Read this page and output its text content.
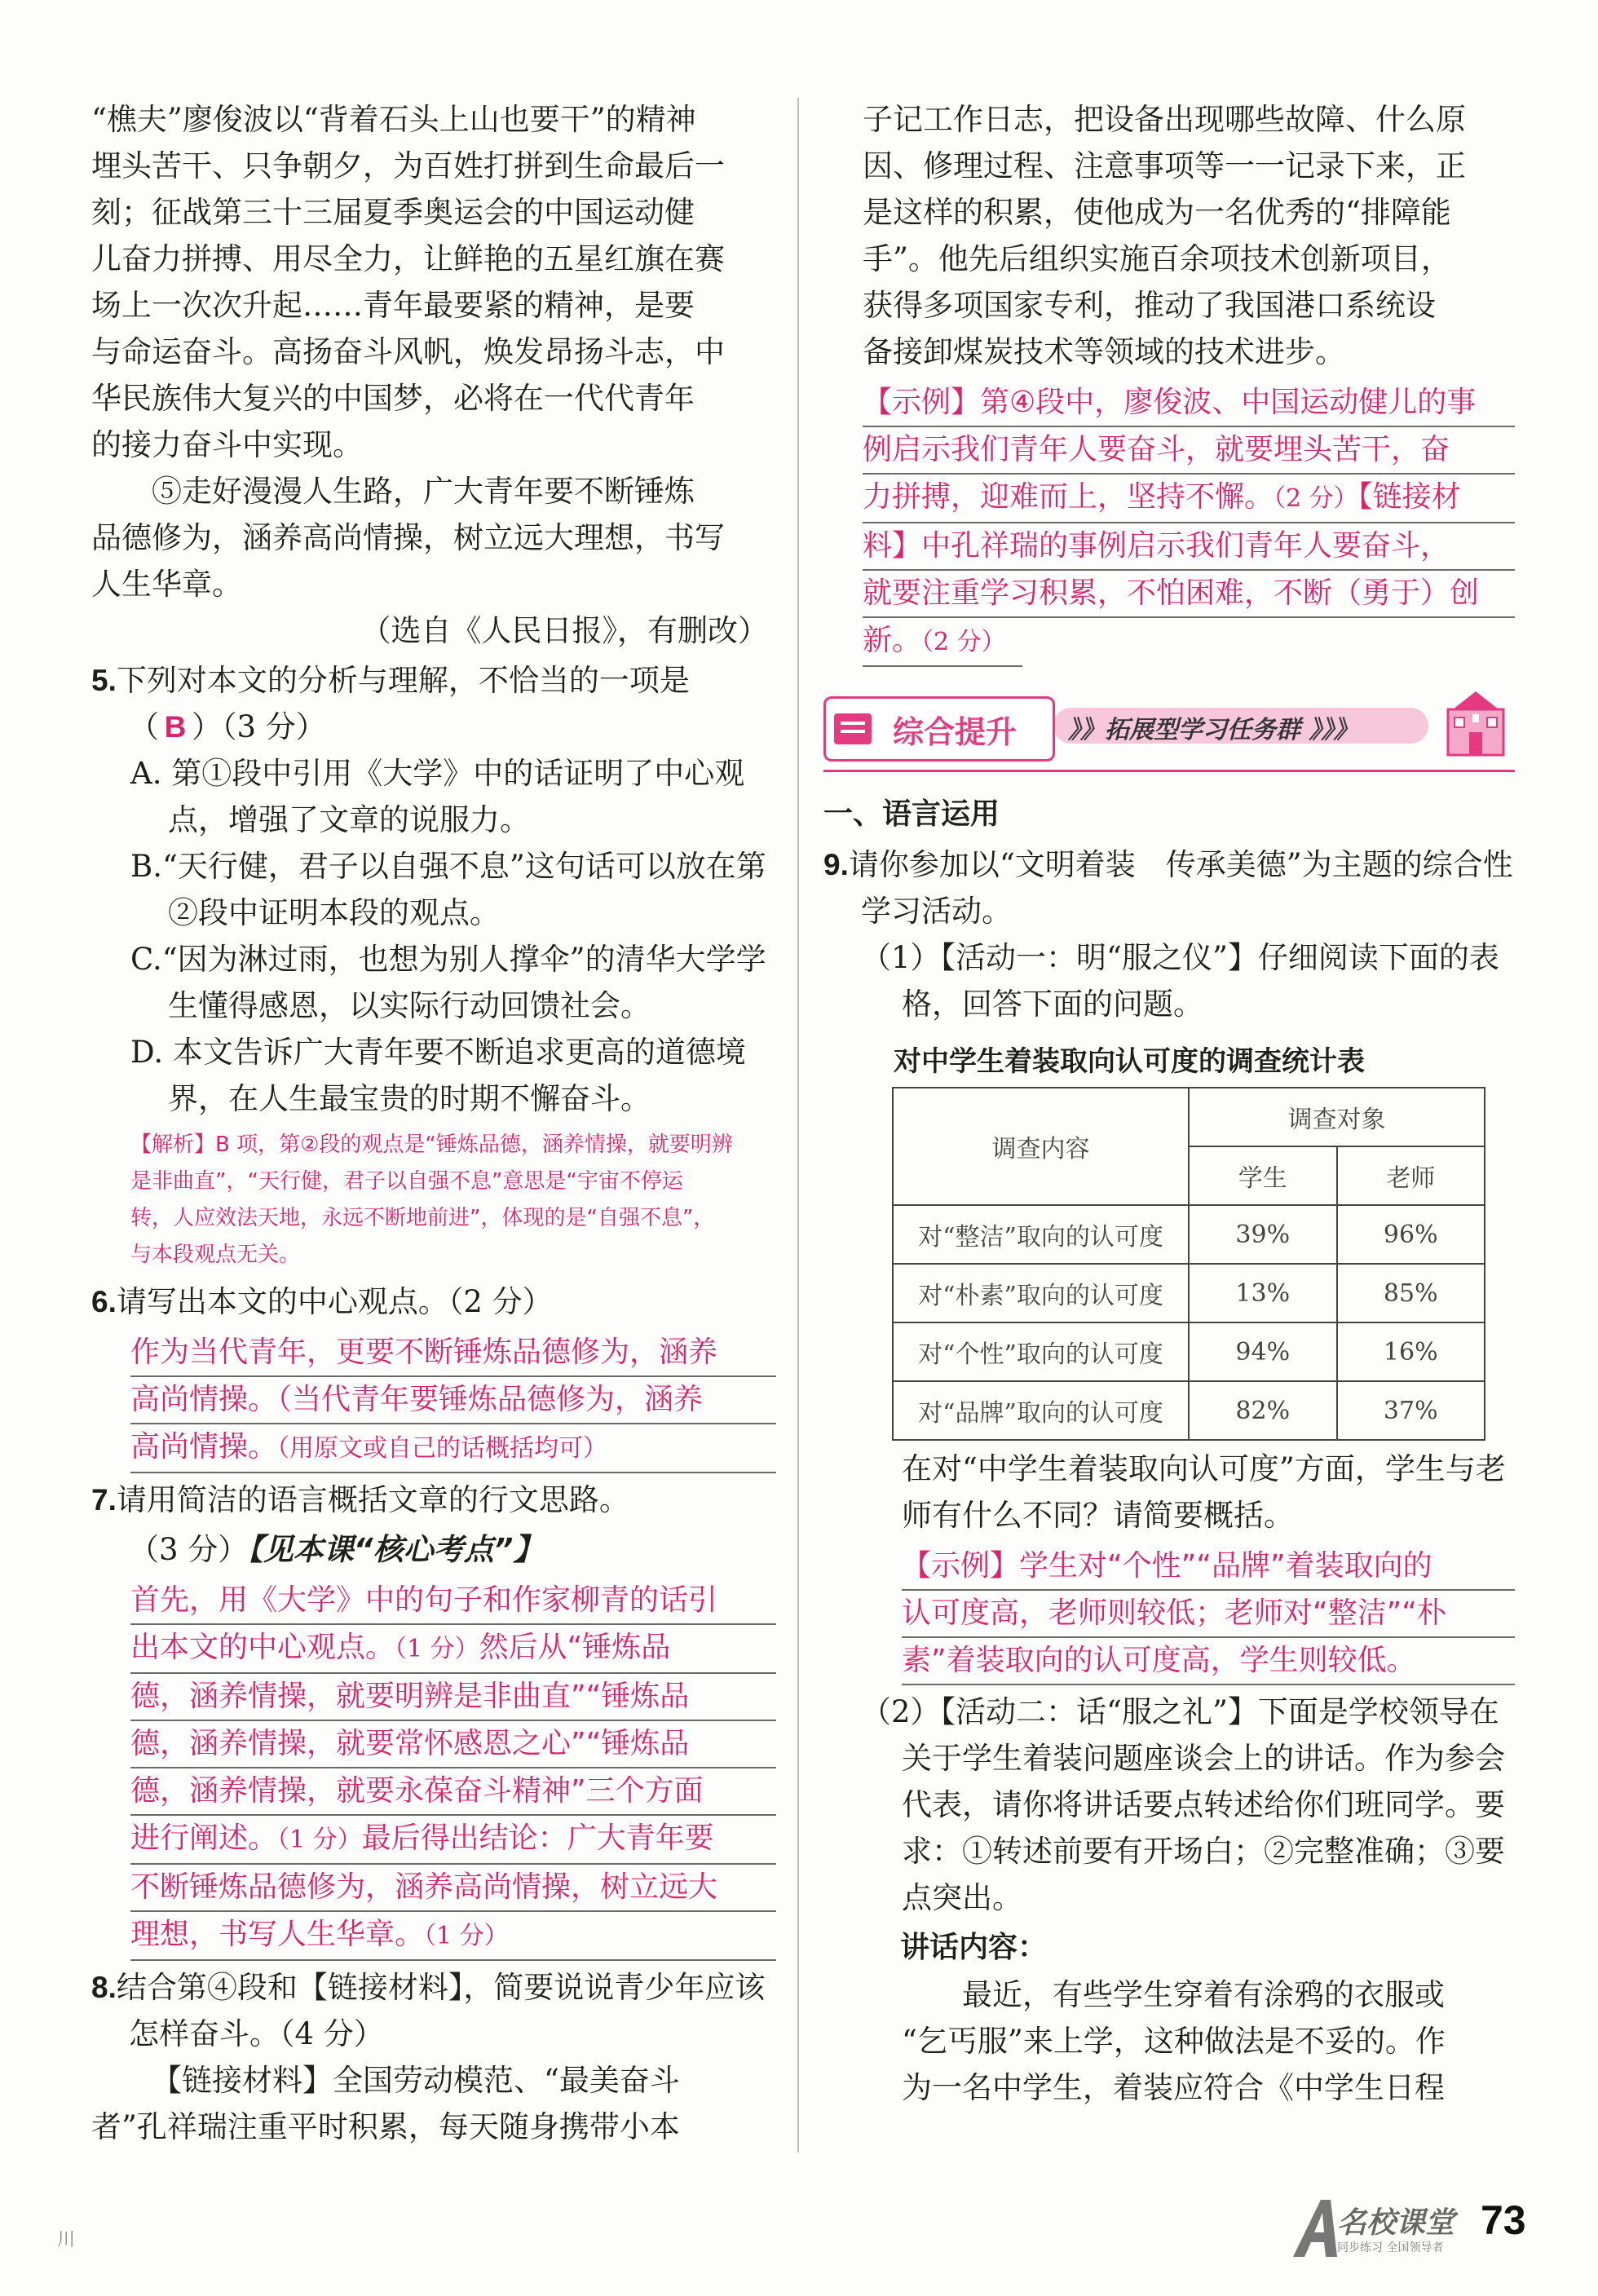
“樵夫”廖俊波以“背着石头上山也要干”的精神

埋头苦干、只争朝夕，为百姓打拼到生命最后一

刻；征战第三十三届夏季奥运会的中国运动健

儿奋力拼搏、用尽全力，让鲜艳的五星红旗在赛

场上一次次升起……青年最要紧的精神，是要

与命运奋斗。高扬奋斗风帆，焕发昂扬斗志，中

华民族伟大复兴的中国梦，必将在一代代青年

的接力奋斗中实现。

⑤走好漫漫人生路，广大青年要不断锤炼

品德修为，涵养高尚情操，树立远大理想，书写

人生华章。

（选自《人民日报》，有删改）

5.下列对本文的分析与理解，不恰当的一项是

（ B ）（3 分）

A. 第①段中引用《大学》中的话证明了中心观点，增强了文章的说服力。

B.“天行健，君子以自强不息”这句话可以放在第②段中证明本段的观点。

C.“因为淋过雨，也想为别人撑伞”的清华大学学生懂得感恩，以实际行动回馈社会。

D. 本文告诉广大青年要不断追求更高的道德境界，在人生最宝贵的时期不懈奋斗。

【解析】B 项，第②段的观点是“锤炼品德，涵养情操，就要明辨
是非曲直”，“天行健，君子以自强不息”意思是“宇宙不停运
转，人应效法天地，永远不断地前进”，体现的是“自强不息”，
与本段观点无关。

6.请写出本文的中心观点。（2 分）

作为当代青年，更要不断锤炼品德修为，涵养
高尚情操。（当代青年要锤炼品德修为，涵养
高尚情操。（用原文或自己的话概括均可）

7.请用简洁的语言概括文章的行文思路。

（3 分）【见本课“核心考点”】

首先，用《大学》中的句子和作家柳青的话引
出本文的中心观点。（1 分）然后从“锤炼品
德，涵养情操，就要明辨是非曲直”“锤炼品
德，涵养情操，就要常怀感恩之心”“锤炼品
德，涵养情操，就要永葆奋斗精神”三个方面
进行阐述。（1 分）最后得出结论：广大青年要
不断锤炼品德修为，涵养高尚情操，树立远大
理想，书写人生华章。（1 分）

8.结合第④段和【链接材料】，简要说说青少年应该怎样奋斗。（4 分）

【链接材料】全国劳动模范、“最美奋斗

者”孔祥瑞注重平时积累，每天随身携带小本

子记工作日志，把设备出现哪些故障、什么原

因、修理过程、注意事项等一一记录下来，正

是这样的积累，使他成为一名优秀的“排障能

手”。他先后组织实施百余项技术创新项目，

获得多项国家专利，推动了我国港口系统设

备接卸煤炭技术等领域的技术进步。

【示例】第④段中，廖俊波、中国运动健儿的事
例启示我们青年人要奋斗，就要埋头苦干，奋
力拼搏，迎难而上，坚持不懈。（2 分）【链接材
料】中孔祥瑞的事例启示我们青年人要奋斗，
就要注重学习积累，不怕困难，不断（勇于）创
新。（2 分）
综合提升 》》拓展型学习任务群 》》》

一、语言运用

9.请你参加以“文明着装　传承美德”为主题的综合性学习活动。

（1）【活动一：明“服之仪”】仔细阅读下面的表格，回答下面的问题。

对中学生着装取向认可度的调查统计表
调查内容	调查对象	
	学生	老师
对“整洁”取向的认可度	39%	96%
对“朴素”取向的认可度	13%	85%
对“个性”取向的认可度	94%	16%
对“品牌”取向的认可度	82%	37%

在对“中学生着装取向认可度”方面，学生与老师有什么不同？请简要概括。

【示例】学生对“个性”“品牌”着装取向的
认可度高，老师则较低；老师对“整洁”“朴
素”着装取向的认可度高，学生则较低。

（2）【活动二：话“服之礼”】下面是学校领导在关于学生着装问题座谈会上的讲话。作为参会代表，请你将讲话要点转述给你们班同学。要求：①转述前要有开场白；②完整准确；③要点突出。

讲话内容：

最近，有些学生穿着有涂鸦的衣服或

“乞丐服”来上学，这种做法是不妥的。作

为一名中学生，着装应符合《中学生日程

川
名校课堂
同步练习 全国领导者
73
